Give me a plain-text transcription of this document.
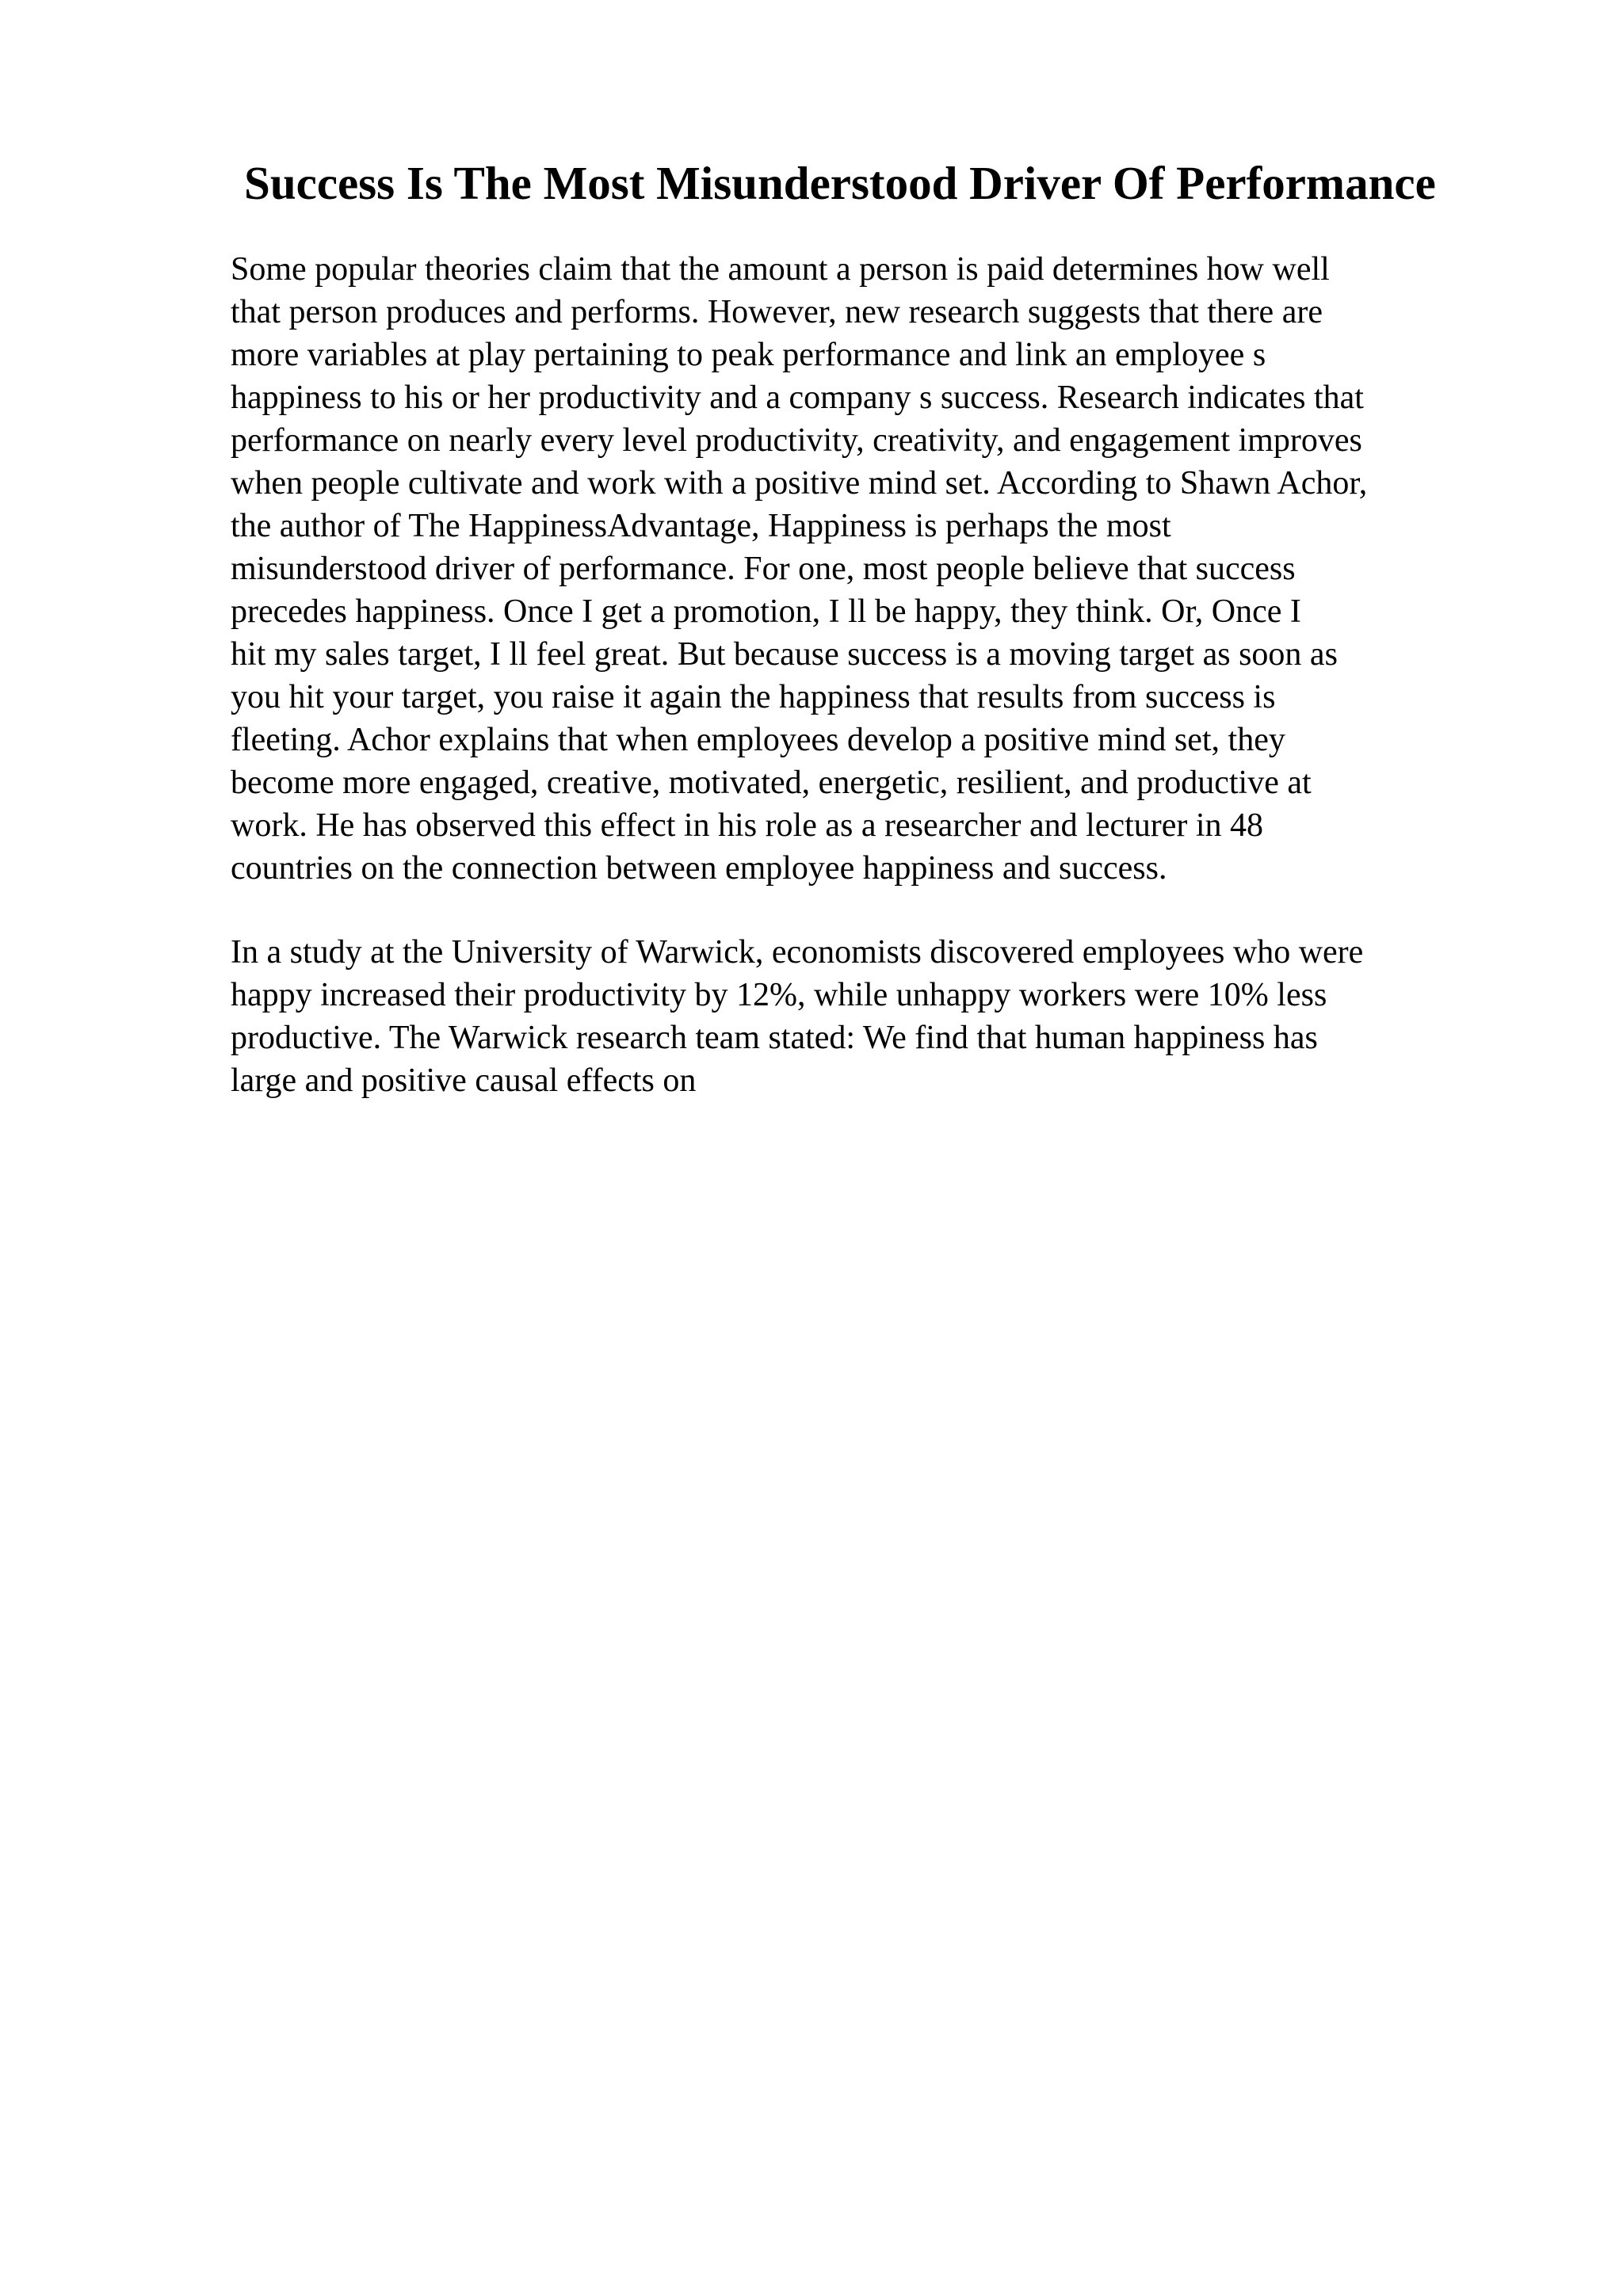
Success Is The Most Misunderstood Driver Of Performance
Some popular theories claim that the amount a person is paid determines how well
that person produces and performs. However, new research suggests that there are
more variables at play pertaining to peak performance and link an employee s
happiness to his or her productivity and a company s success. Research indicates that
performance on nearly every level productivity, creativity, and engagement improves
when people cultivate and work with a positive mind set. According to Shawn Achor,
the author of The HappinessAdvantage, Happiness is perhaps the most
misunderstood driver of performance. For one, most people believe that success
precedes happiness. Once I get a promotion, I ll be happy, they think. Or, Once I
hit my sales target, I ll feel great. But because success is a moving target as soon as
you hit your target, you raise it again the happiness that results from success is
fleeting. Achor explains that when employees develop a positive mind set, they
become more engaged, creative, motivated, energetic, resilient, and productive at
work. He has observed this effect in his role as a researcher and lecturer in 48
countries on the connection between employee happiness and success.
In a study at the University of Warwick, economists discovered employees who were
happy increased their productivity by 12%, while unhappy workers were 10% less
productive. The Warwick research team stated: We find that human happiness has
large and positive causal effects on
